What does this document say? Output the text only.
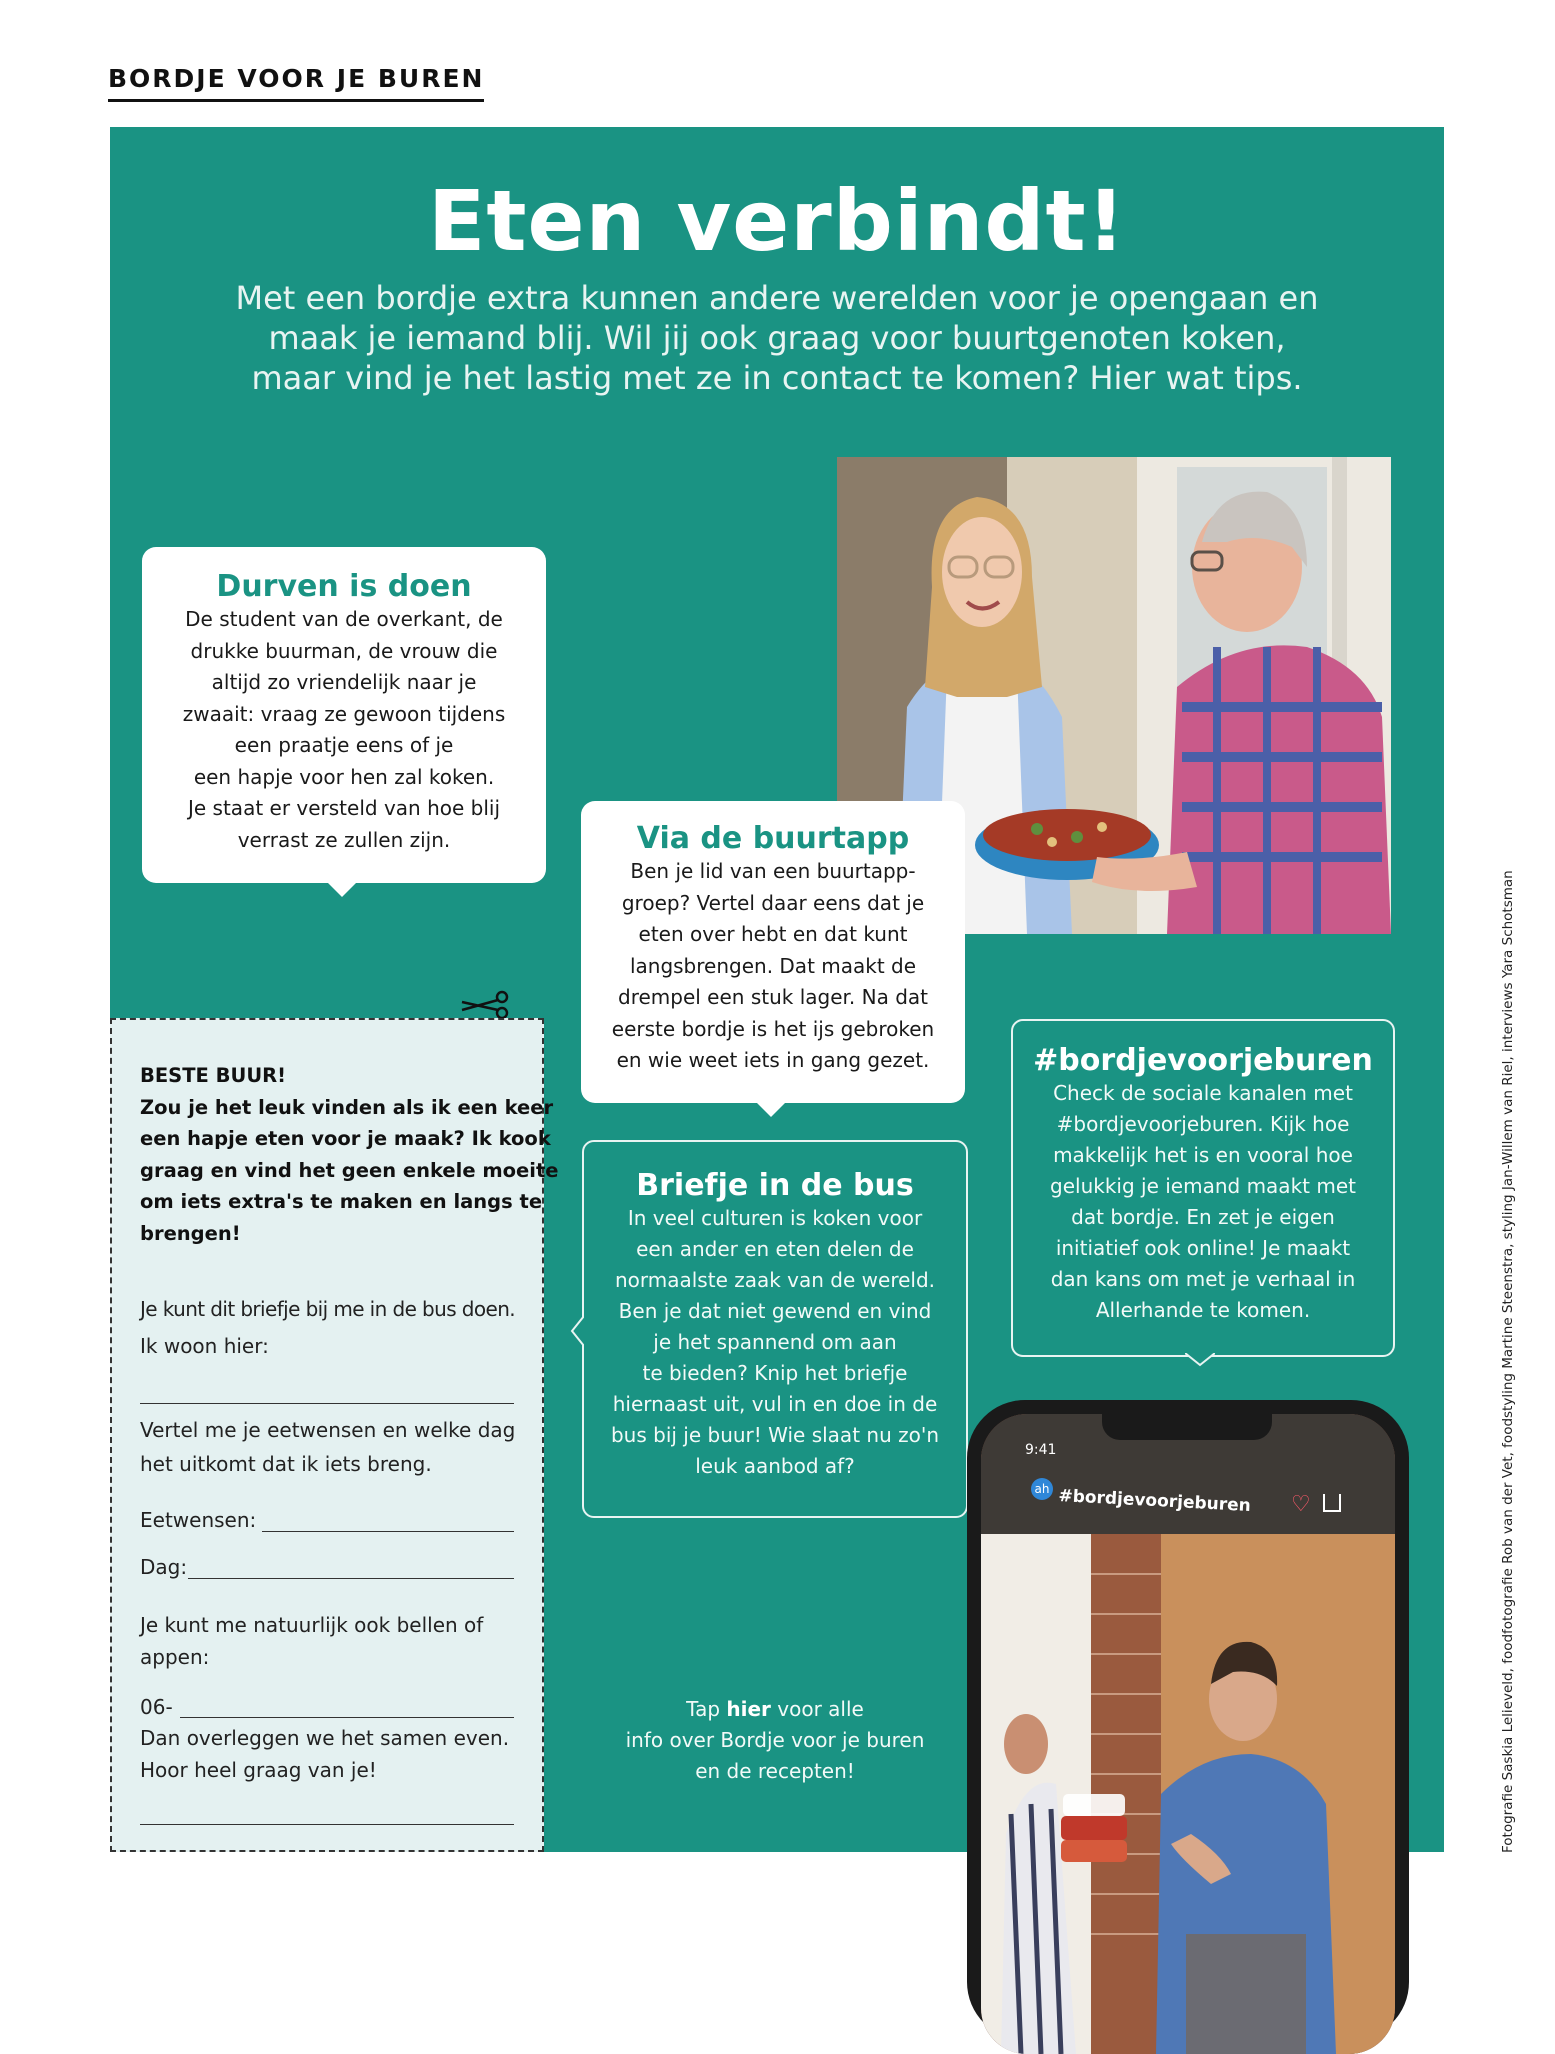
BORDJE VOOR JE BUREN
Eten verbindt!
Met een bordje extra kunnen andere werelden voor je opengaan en
maak je iemand blij. Wil jij ook graag voor buurtgenoten koken,
maar vind je het lastig met ze in contact te komen? Hier wat tips.
Durven is doen
De student van de overkant, de
drukke buurman, de vrouw die
altijd zo vriendelijk naar je
zwaait: vraag ze gewoon tijdens
een praatje eens of je
een hapje voor hen zal koken.
Je staat er versteld van hoe blij
verrast ze zullen zijn.	Via de buurtapp
Ben je lid van een buurtapp-
groep? Vertel daar eens dat je
eten over hebt en dat kunt
langsbrengen. Dat maakt de
drempel een stuk lager. Na dat
eerste bordje is het ijs gebroken
en wie weet iets in gang gezet.	#bordjevoorjeburen
Check de sociale kanalen met
#bordjevoorjeburen. Kijk hoe
makkelijk het is en vooral hoe
gelukkig je iemand maakt met
dat bordje. En zet je eigen
initiatief ook online! Je maakt
dan kans om met je verhaal in
Allerhande te komen.
Briefje in de bus
In veel culturen is koken voor
een ander en eten delen de
normaalste zaak van de wereld.
Ben je dat niet gewend en vind
je het spannend om aan
te bieden? Knip het briefje
hiernaast uit, vul in en doe in de
bus bij je buur! Wie slaat nu zo'n
leuk aanbod af?
BESTE BUUR!
Zou je het leuk vinden als ik een keer
een hapje eten voor je maak? Ik kook
graag en vind het geen enkele moeite
om iets extra's te maken en langs te
brengen!
Je kunt dit briefje bij me in de bus doen.
Ik woon hier:
Vertel me je eetwensen en welke dag
het uitkomt dat ik iets breng.
Eetwensen:
Dag:
Je kunt me natuurlijk ook bellen of
appen:
06-
Dan overleggen we het samen even.
Hoor heel graag van je!
Tap hier voor alle
info over Bordje voor je buren
en de recepten!
9:41
ah #bordjevoorjeburen ♡	Fotografie Saskia Lelieveld, foodfotografie Rob van der Vet, foodstyling Martine Steenstra, styling Jan-Willem van Riel, interviews Yara Schotsman
